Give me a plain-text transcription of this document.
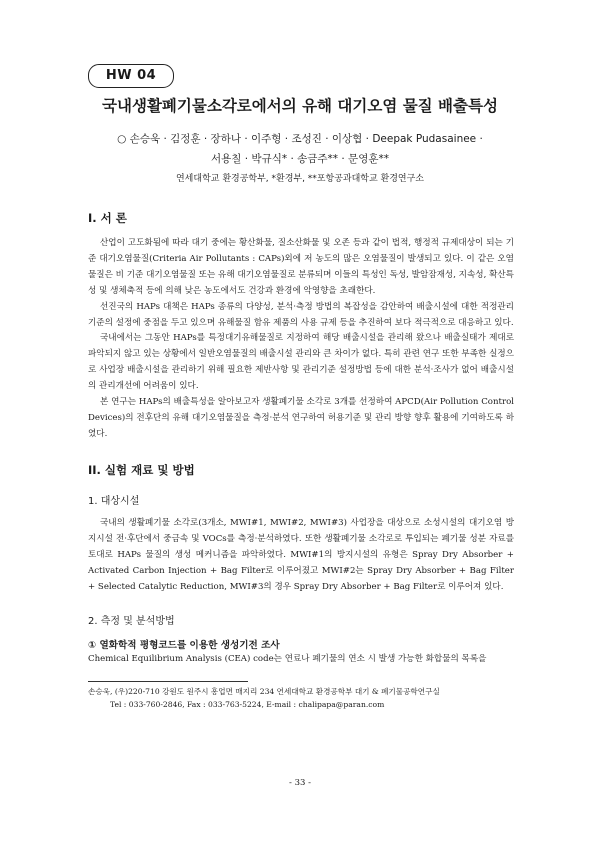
HW 04
국내생활폐기물소각로에서의 유해 대기오염 물질 배출특성
○ 손승욱 · 김정훈 · 장하나 · 이주형 · 조성진 · 이상협 · Deepak Pudasainee ·
서용칠 · 박규식* · 송금주** · 문영훈**
연세대학교 환경공학부, *환경부, **포항공과대학교 환경연구소
I. 서 론

산업이 고도화됨에 따라 대기 중에는 황산화물, 질소산화물 및 오존 등과 같이 법적, 행정적 규제대상이 되는 기준 대기오염물질(Criteria Air Pollutants : CAPs)외에 저 농도의 많은 오염물질이 발생되고 있다. 이 같은 오염물질은 비 기준 대기오염물질 또는 유해 대기오염물질로 분류되며 이들의 특성인 독성, 발암잠재성, 지속성, 확산특성 및 생체축적 등에 의해 낮은 농도에서도 건강과 환경에 악영향을 초래한다.

선진국의 HAPs 대책은 HAPs 종류의 다양성, 분석·측정 방법의 복잡성을 감안하여 배출시설에 대한 적정관리 기준의 설정에 중점을 두고 있으며 유해물질 함유 제품의 사용 규제 등을 추진하여 보다 적극적으로 대응하고 있다.

국내에서는 그동안 HAPs를 특정대기유해물질로 지정하여 해당 배출시설을 관리해 왔으나 배출실태가 제대로 파악되지 않고 있는 상황에서 일반오염물질의 배출시설 관리와 큰 차이가 없다. 특히 관련 연구 또한 부족한 실정으로 사업장 배출시설을 관리하기 위해 필요한 제반사항 및 관리기준 설정방법 등에 대한 분석·조사가 없어 배출시설의 관리개선에 어려움이 있다.

본 연구는 HAPs의 배출특성을 알아보고자 생활폐기물 소각로 3개를 선정하여 APCD(Air Pollution Control Devices)의 전후단의 유해 대기오염물질을 측정·분석 연구하여 허용기준 및 관리 방향 향후 활용에 기여하도록 하였다.

II. 실험 재료 및 방법
1. 대상시설

국내의 생활폐기물 소각로(3개소, MWI#1, MWI#2, MWI#3) 사업장을 대상으로 소성시설의 대기오염 방지시설 전·후단에서 중금속 및 VOCs를 측정·분석하였다. 또한 생활폐기물 소각로로 투입되는 폐기물 성분 자료를 토대로 HAPs 물질의 생성 메커니즘을 파악하였다. MWI#1의 방지시설의 유형은 Spray Dry Absorber + Activated Carbon Injection + Bag Filter로 이루어졌고 MWI#2는 Spray Dry Absorber + Bag Filter + Selected Catalytic Reduction, MWI#3의 경우 Spray Dry Absorber + Bag Filter로 이루어져 있다.

2. 측정 및 분석방법
① 열화학적 평형코드를 이용한 생성기전 조사

Chemical Equilibrium Analysis (CEA) code는 연료나 폐기물의 연소 시 발생 가능한 화합물의 목록을

손승욱, (우)220-710 강원도 원주시 흥업면 매지리 234 연세대학교 환경공학부 대기 & 폐기물공학연구실
Tel : 033-760-2846, Fax : 033-763-5224, E-mail : chalipapa@paran.com
- 33 -
